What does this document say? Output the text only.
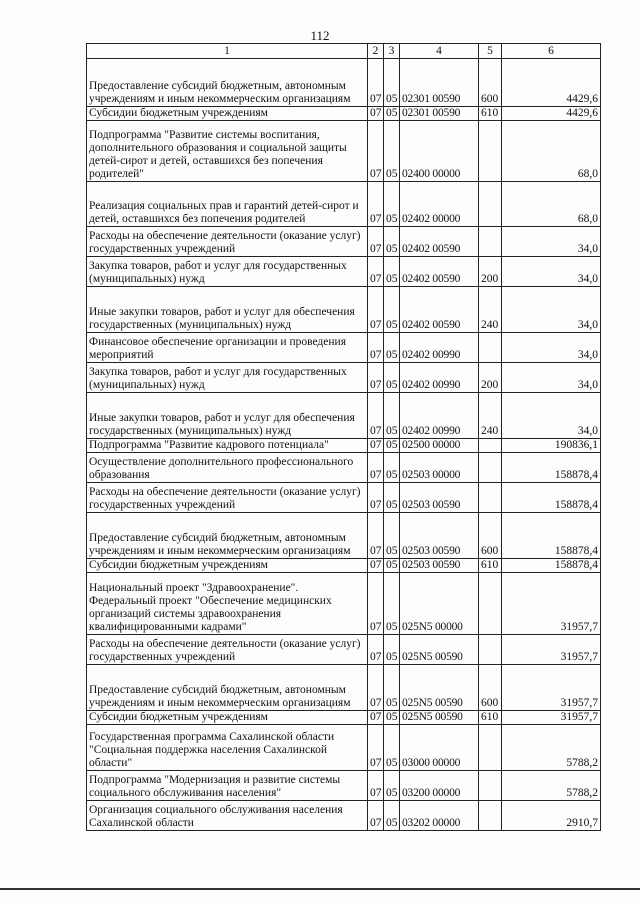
112
1	2	3	4	5	6
Предоставление субсидий бюджетным, автономным учреждениям и иным некоммерческим организациям	07	05	02301 00590	600	4429,6
Субсидии бюджетным учреждениям	07	05	02301 00590	610	4429,6
Подпрограмма "Развитие системы воспитания, дополнительного образования и социальной защиты детей-сирот и детей, оставшихся без попечения родителей"	07	05	02400 00000		68,0
Реализация социальных прав и гарантий детей-сирот и детей, оставшихся без попечения родителей	07	05	02402 00000		68,0
Расходы на обеспечение деятельности (оказание услуг) государственных учреждений	07	05	02402 00590		34,0
Закупка товаров, работ и услуг для государственных (муниципальных) нужд	07	05	02402 00590	200	34,0
Иные закупки товаров, работ и услуг для обеспечения государственных (муниципальных) нужд	07	05	02402 00590	240	34,0
Финансовое обеспечение организации и проведения мероприятий	07	05	02402 00990		34,0
Закупка товаров, работ и услуг для государственных (муниципальных) нужд	07	05	02402 00990	200	34,0
Иные закупки товаров, работ и услуг для обеспечения государственных (муниципальных) нужд	07	05	02402 00990	240	34,0
Подпрограмма "Развитие кадрового потенциала"	07	05	02500 00000		190836,1
Осуществление дополнительного профессионального образования	07	05	02503 00000		158878,4
Расходы на обеспечение деятельности (оказание услуг) государственных учреждений	07	05	02503 00590		158878,4
Предоставление субсидий бюджетным, автономным учреждениям и иным некоммерческим организациям	07	05	02503 00590	600	158878,4
Субсидии бюджетным учреждениям	07	05	02503 00590	610	158878,4
Национальный проект "Здравоохранение". Федеральный проект "Обеспечение медицинских организаций системы здравоохранения квалифицированными кадрами"	07	05	025N5 00000		31957,7
Расходы на обеспечение деятельности (оказание услуг) государственных учреждений	07	05	025N5 00590		31957,7
Предоставление субсидий бюджетным, автономным учреждениям и иным некоммерческим организациям	07	05	025N5 00590	600	31957,7
Субсидии бюджетным учреждениям	07	05	025N5 00590	610	31957,7
Государственная программа Сахалинской области "Социальная поддержка населения Сахалинской области"	07	05	03000 00000		5788,2
Подпрограмма "Модернизация и развитие системы социального обслуживания населения"	07	05	03200 00000		5788,2
Организация социального обслуживания населения Сахалинской области	07	05	03202 00000		2910,7
